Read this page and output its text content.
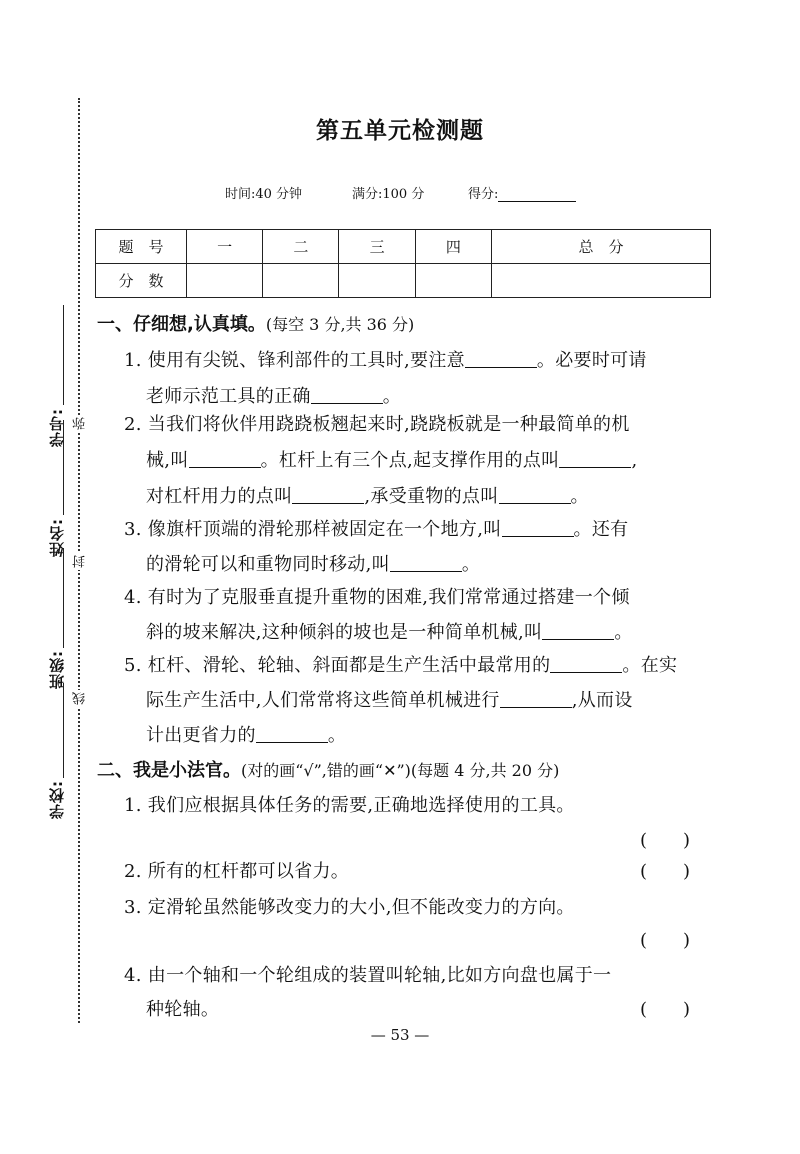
学号:
姓名:
班级:
学校:
弥
封
线
第五单元检测题
时间:40 分钟	满分:100 分	得分:
题　号	一	二	三	四	总　分
分　数					
一、仔细想,认真填。(每空 3 分,共 36 分)
1. 使用有尖锐、锋利部件的工具时,要注意	。必要时可请
老师示范工具的正确	。
2. 当我们将伙伴用跷跷板翘起来时,跷跷板就是一种最简单的机
械,叫	。杠杆上有三个点,起支撑作用的点叫	,
对杠杆用力的点叫	,承受重物的点叫	。
3. 像旗杆顶端的滑轮那样被固定在一个地方,叫	。还有
的滑轮可以和重物同时移动,叫	。
4. 有时为了克服垂直提升重物的困难,我们常常通过搭建一个倾
斜的坡来解决,这种倾斜的坡也是一种简单机械,叫	。
5. 杠杆、滑轮、轮轴、斜面都是生产生活中最常用的	。在实
际生产生活中,人们常常将这些简单机械进行	,从而设
计出更省力的	。
二、我是小法官。(对的画“√”,错的画“✕”)(每题 4 分,共 20 分)
1. 我们应根据具体任务的需要,正确地选择使用的工具。
(　　)
2. 所有的杠杆都可以省力。	(　　)
3. 定滑轮虽然能够改变力的大小,但不能改变力的方向。
(　　)
4. 由一个轴和一个轮组成的装置叫轮轴,比如方向盘也属于一
种轮轴。	(　　)
— 53 —
